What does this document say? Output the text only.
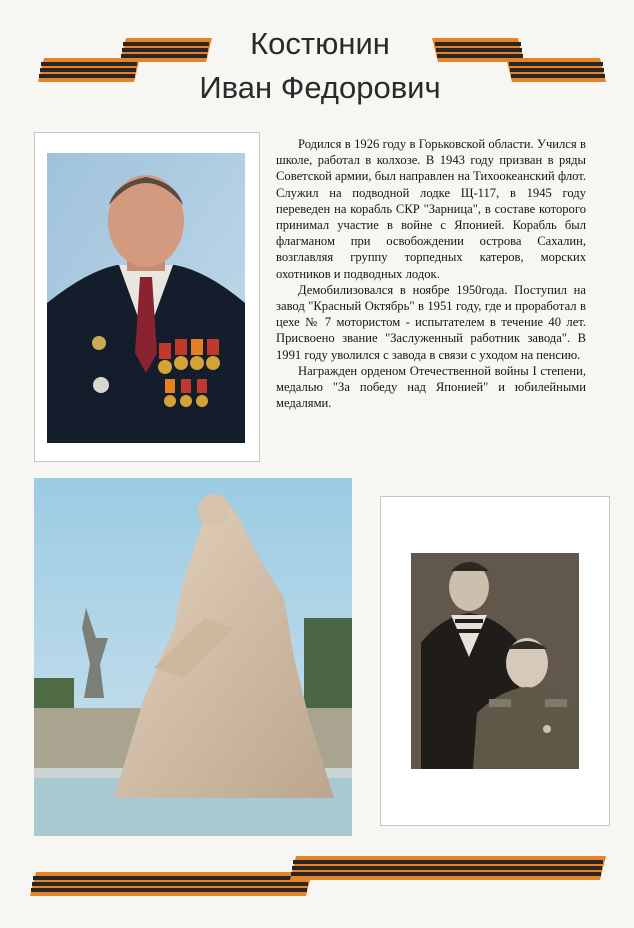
Костюнин
Иван Федорович

Родился в 1926 году в Горьковской области. Учился в школе, работал в колхозе. В 1943 году призван в ряды Советской армии, был направлен на Тихоокеанский флот. Служил на подводной лодке Щ-117, в 1945 году переведен на корабль СКР "Зарница", в составе которого принимал участие в войне с Японией. Корабль был флагманом при освобождении острова Сахалин, возглавляя группу торпедных катеров, морских охотников и подводных лодок.

Демобилизовался в ноябре 1950года. Поступил на завод "Красный Октябрь" в 1951 году, где и проработал в цехе № 7 мотористом - испытателем в течение 40 лет. Присвоено звание "Заслуженный работник завода". В 1991 году уволился с завода в связи с уходом на пенсию.

Награжден орденом Отечественной войны I степени, медалью "За победу над Японией" и юбилейными медалями.
